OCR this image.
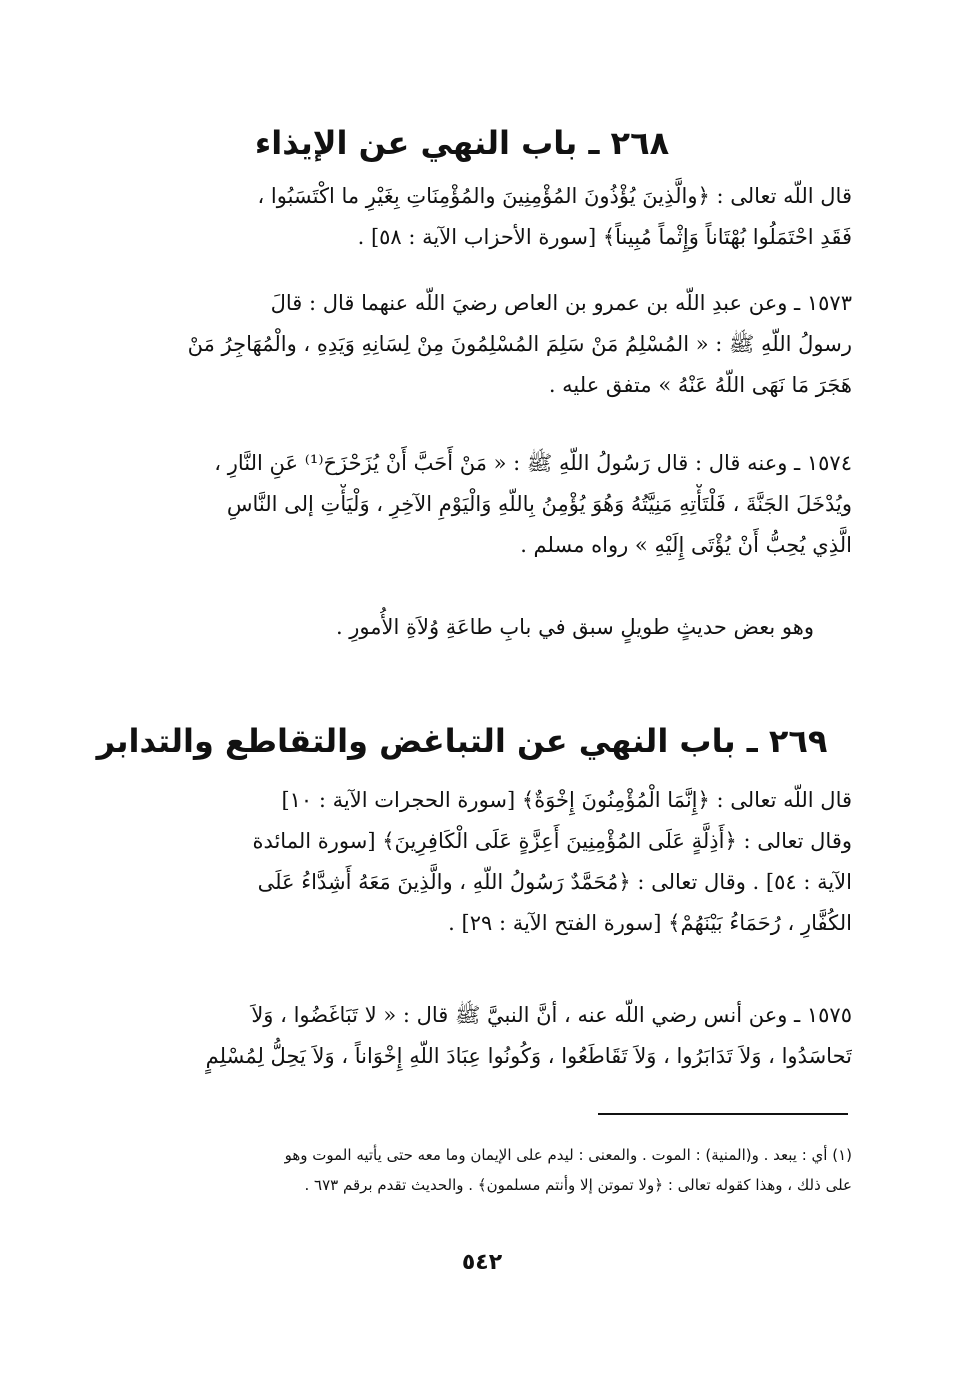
٢٦٨ ـ باب النهي عن الإيذاء
قال اللّه تعالى : ﴿والَّذِينَ يُؤْذُونَ المُؤْمِنِينَ والمُؤْمِنَاتِ بِغَيْرِ ما اكْتَسَبُوا ،
فَقَدِ احْتَمَلُوا بُهْتَاناً وَإِثْماً مُبِيناً﴾ [سورة الأحزاب الآية : ٥٨] .
١٥٧٣ ـ وعن عبدِ اللّه بن عمرو بن العاص رضيَ اللّه عنهما قال : قالَ
رسولُ اللّهِ ﷺ : « المُسْلِمُ مَنْ سَلِمَ المُسْلِمُونَ مِنْ لِسَانِهِ وَيَدِهِ ، والْمُهَاجِرُ مَنْ
هَجَرَ مَا نَهَى اللّهُ عَنْهُ » متفق عليه .
١٥٧٤ ـ وعنه قال : قال رَسُولُ اللّهِ ﷺ : « مَنْ أَحَبَّ أَنْ يُزَحْزَحَ⁽¹⁾ عَنِ النَّارِ ،
ويُدْخَلَ الجَنَّةَ ، فَلْتَأْتِهِ مَنِيَّتُهُ وَهُوَ يُؤْمِنُ بِاللّهِ وَالْيَوْمِ الآخِرِ ، وَلْيَأْتِ إلى النَّاسِ
الَّذِي يُحِبُّ أَنْ يُؤْتَى إِلَيْهِ » رواه مسلم .
وهو بعض حديثٍ طويلٍ سبق في بابِ طاعَةِ وُلاَةِ الأُمورِ .
٢٦٩ ـ باب النهي عن التباغض والتقاطع والتدابر
قال اللّه تعالى : ﴿إِنَّمَا الْمُؤْمِنُونَ إِخْوَةٌ﴾ [سورة الحجرات الآية : ١٠]
وقال تعالى : ﴿أَذِلَّةٍ عَلَى المُؤْمِنِينَ أَعِزَّةٍ عَلَى الْكَافِرِينَ﴾ [سورة المائدة
الآية : ٥٤] . وقال تعالى : ﴿مُحَمَّدٌ رَسُولُ اللّهِ ، والَّذِينَ مَعَهُ أَشِدَّاءُ عَلَى
الكُفَّارِ ، رُحَمَاءُ بَيْنَهُمْ﴾ [سورة الفتح الآية : ٢٩] .
١٥٧٥ ـ وعن أنس رضي اللّه عنه ، أنَّ النبيَّ ﷺ قال : « لا تَبَاغَضُوا ، وَلاَ
تَحاسَدُوا ، وَلاَ تَدَابَرُوا ، وَلاَ تَقَاطَعُوا ، وَكُونُوا عِبَادَ اللّهِ إِخْوَاناً ، وَلاَ يَحِلُّ لِمُسْلِمٍ
(١) أي : يبعد . و(المنية) : الموت . والمعنى : ليدم على الإيمان وما معه حتى يأتيه الموت وهو
على ذلك ، وهذا كقوله تعالى : ﴿ولا تموتن إلا وأنتم مسلمون﴾ . والحديث تقدم برقم ٦٧٣ .
٥٤٢
